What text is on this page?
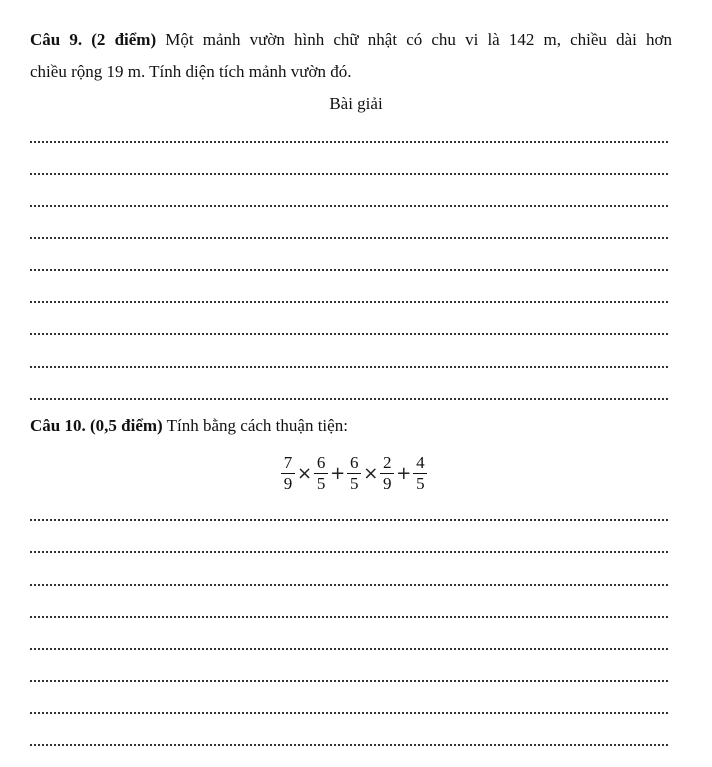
Câu 9. (2 điểm) Một mảnh vườn hình chữ nhật có chu vi là 142 m, chiều dài hơn
chiều rộng 19 m. Tính diện tích mảnh vườn đó.
Bài giải
Câu 10. (0,5 điểm) Tính bằng cách thuận tiện:
$\frac{7}{9} \times \frac{6}{5} + \frac{6}{5} \times \frac{2}{9} + \frac{4}{5}$
